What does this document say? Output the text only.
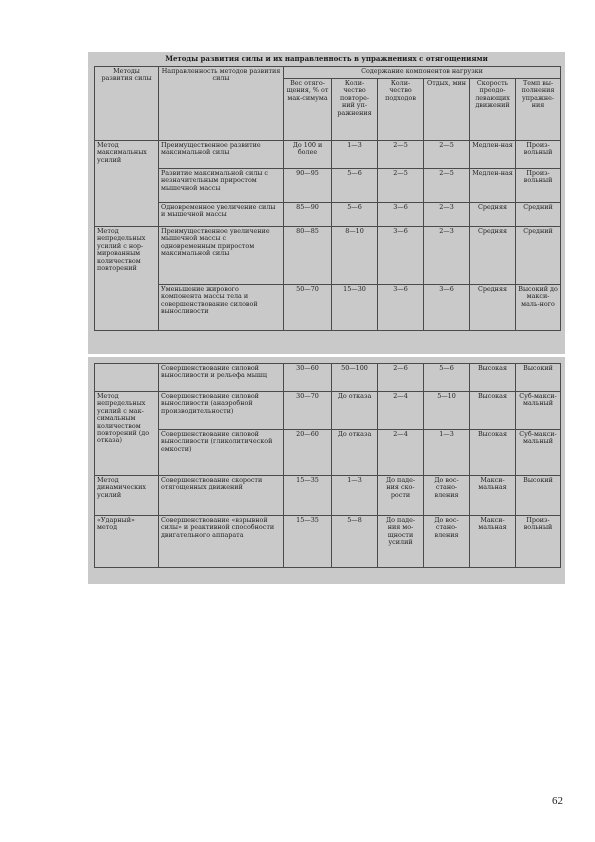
Методы развития силы и их направленность в упражнениях с отягощениями
Методы развития силы	Направленность методов развития силы	Содержание компонентов нагрузки					
		Вес отяго-щения, % от мак-симума	Коли-чество повторе-ний уп-ражнения	Коли-чество подходов	Отдых, мин	Скорость преодо-левающих движений	Темп вы-полнения упражне-ния
Метод максимальных усилий	Преимущественное развитие максимальной силы	До 100 и более	1—3	2—5	2—5	Медлен-ная	Произ-вольный
	Развитие максимальной силы с незначительным приростом мышечной массы	90—95	5—6	2—5	2—5	Медлен-ная	Произ-вольный
	Одновременное увеличение силы и мышечной массы	85—90	5—6	3—6	2—3	Средняя	Средний
Метод непредельных усилий с нор-мированным количеством повторений	Преимущественное увеличение мышечной массы с одновременным приростом максимальной силы	80—85	8—10	3—6	2—3	Средняя	Средний
	Уменьшение жирового компонента массы тела и совершенствование силовой выносливости	50—70	15—30	3—6	3—6	Средняя	Высокий до макси-маль-ного
	Совершенствование силовой выносливости и рельефа мышц	30—60	50—100	2—6	5—6	Высокая	Высокий
Метод непредельных усилий с мак-симальным количеством повторений (до отказа)	Совершенствование силовой выносливости (анаэробной производительности)	30—70	До отказа	2—4	5—10	Высокая	Суб-макси-мальный
	Совершенствование силовой выносливости (гликолитической емкости)	20—60	До отказа	2—4	1—3	Высокая	Суб-макси-мальный
Метод динамических усилий	Совершенствование скорости отягощенных движений	15—35	1—3	До паде-ния ско-рости	До вос-стано-вления	Макси-мальная	Высокий
«Ударный» метод	Совершенствование «взрывной силы» и реактивной способности двигательного аппарата	15—35	5—8	До паде-ния мо-щности усилий	До вос-стано-вления	Макси-мальная	Произ-вольный
62
